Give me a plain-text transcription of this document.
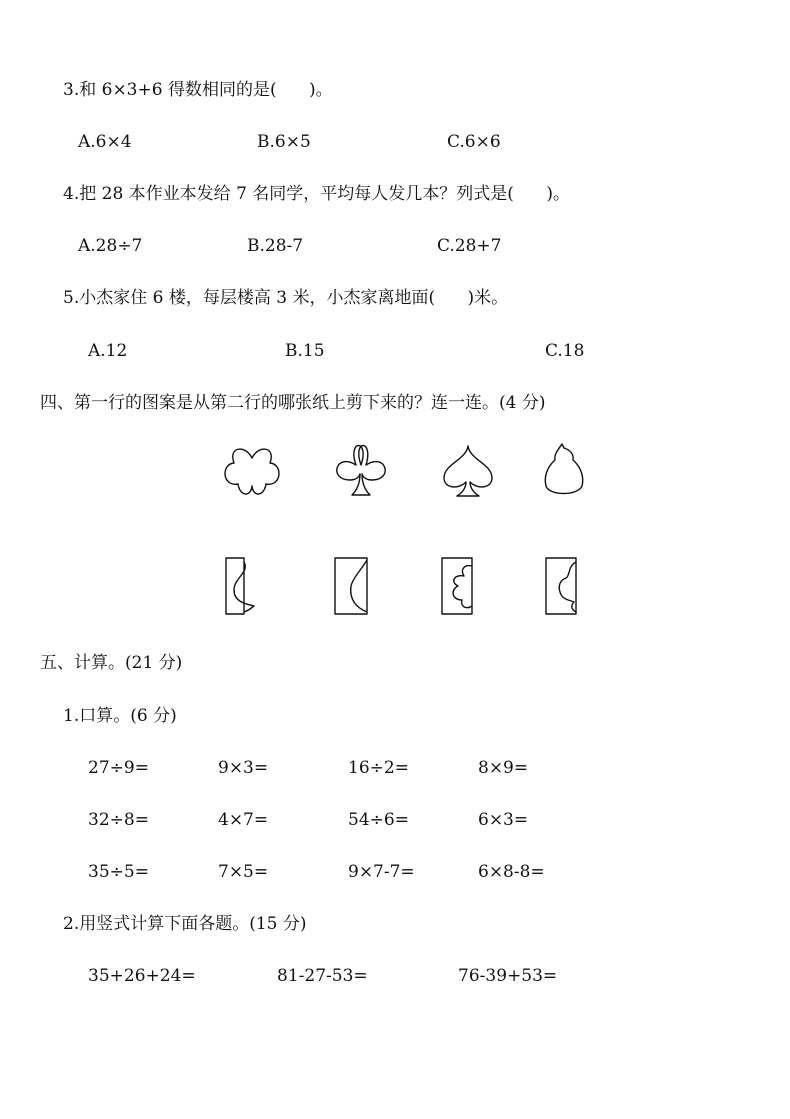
3.和 6×3+6 得数相同的是(      )。
A.6×4	B.6×5	C.6×6
4.把 28 本作业本发给 7 名同学，平均每人发几本？列式是(      )。
A.28÷7	B.28-7	C.28+7
5.小杰家住 6 楼，每层楼高 3 米，小杰家离地面(      )米。
A.12	B.15	C.18
四、第一行的图案是从第二行的哪张纸上剪下来的？连一连。(4 分)
五、计算。(21 分)
1.口算。(6 分)
27÷9=	9×3=	16÷2=	8×9=
32÷8=	4×7=	54÷6=	6×3=
35÷5=	7×5=	9×7-7=	6×8-8=
2.用竖式计算下面各题。(15 分)
35+26+24=	81-27-53=	76-39+53=
